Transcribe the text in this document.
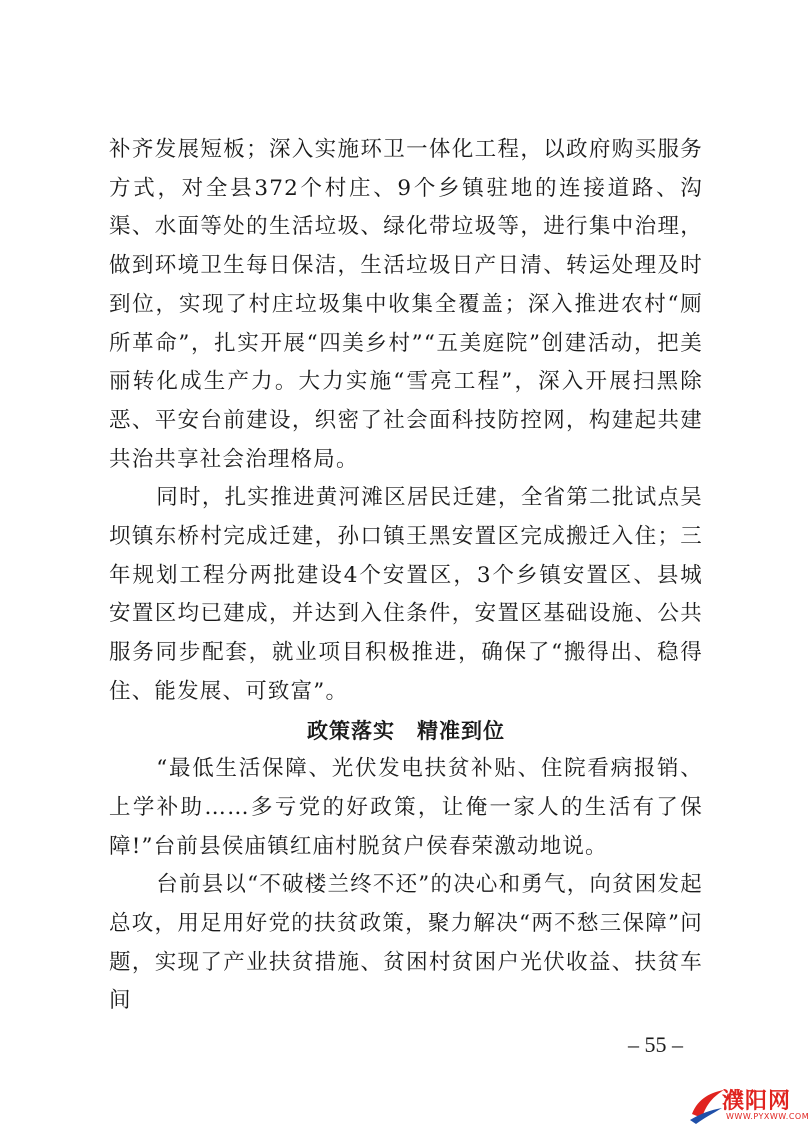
补齐发展短板；深入实施环卫一体化工程，以政府购买服务方式，对全县372个村庄、9个乡镇驻地的连接道路、沟渠、水面等处的生活垃圾、绿化带垃圾等，进行集中治理，做到环境卫生每日保洁，生活垃圾日产日清、转运处理及时到位，实现了村庄垃圾集中收集全覆盖；深入推进农村“厕所革命”，扎实开展“四美乡村”“五美庭院”创建活动，把美丽转化成生产力。大力实施“雪亮工程”，深入开展扫黑除恶、平安台前建设，织密了社会面科技防控网，构建起共建共治共享社会治理格局。

同时，扎实推进黄河滩区居民迁建，全省第二批试点吴坝镇东桥村完成迁建，孙口镇王黑安置区完成搬迁入住；三年规划工程分两批建设4个安置区，3个乡镇安置区、县城安置区均已建成，并达到入住条件，安置区基础设施、公共服务同步配套，就业项目积极推进，确保了“搬得出、稳得住、能发展、可致富”。

政策落实　精准到位

“最低生活保障、光伏发电扶贫补贴、住院看病报销、上学补助……多亏党的好政策，让俺一家人的生活有了保障!”台前县侯庙镇红庙村脱贫户侯春荣激动地说。

台前县以“不破楼兰终不还”的决心和勇气，向贫困发起总攻，用足用好党的扶贫政策，聚力解决“两不愁三保障”问题，实现了产业扶贫措施、贫困村贫困户光伏收益、扶贫车间

– 55 –
濮阳网
WWW.PYXWW.COM
